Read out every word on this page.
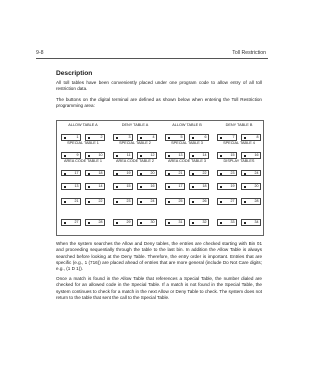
9-8	Toll Restriction
Description

All toll tables have been conveniently placed under one program code to allow entry of all toll restriction data.

The buttons on the digital terminal are defined as shown below when entering the Toll Restriction programming area:

ALLOW TABLE A	DENY TABLE A	ALLOW TABLE B	DENY TABLE B
SPECIAL TABLE 1	SPECIAL TABLE 2	SPECIAL TABLE 3	SPECIAL TABLE 4
AREA CODE TABLE 1	AREA CODE TABLE 2	AREA CODE TABLE 3	DISPLAY TABLES
1	2	3	4	5	6	7	8
9	10	11	12	13	14	15	16
17	18	19	20	21	22	23	24
13	14	15	16	17	18	19	20
21	22	23	24	25	26	27	28
27	28	29	30	31	32	33	34

When the system searches the Allow and Deny tables, the entries are checked starting with Bin 01 and proceeding sequentially through the table to the last bin. In addition the Allow Table is always searched before looking at the Deny Table. Therefore, the entry order is important. Entries that are specific (e.g., 1 (716)) are placed ahead of entries that are more general (include Do Not Care digits; e.g., (1 D 1)).

Once a match is found in the Allow Table that references a Special Table, the number dialed are checked for an allowed code in the Special Table. If a match is not found in the Special Table, the system continues to check for a match in the next Allow or Deny Table to check. The system does not return to the table that sent the call to the Special Table.
